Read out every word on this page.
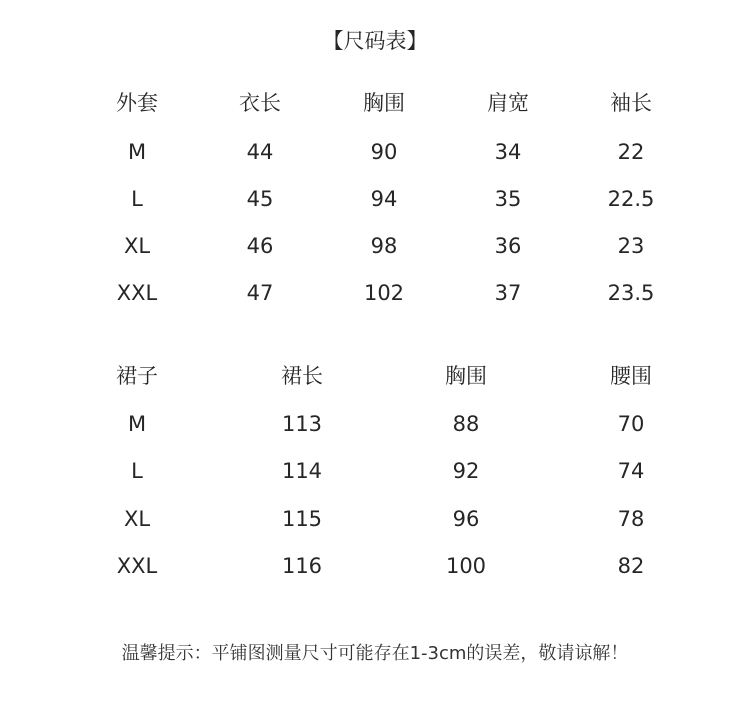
【尺码表】
外套	衣长	胸围	肩宽	袖长
M	44	90	34	22
L	45	94	35	22.5
XL	46	98	36	23
XXL	47	102	37	23.5
裙子	裙长	胸围	腰围
M	113	88	70
L	114	92	74
XL	115	96	78
XXL	116	100	82
温馨提示：平铺图测量尺寸可能存在1-3cm的误差，敬请谅解！
